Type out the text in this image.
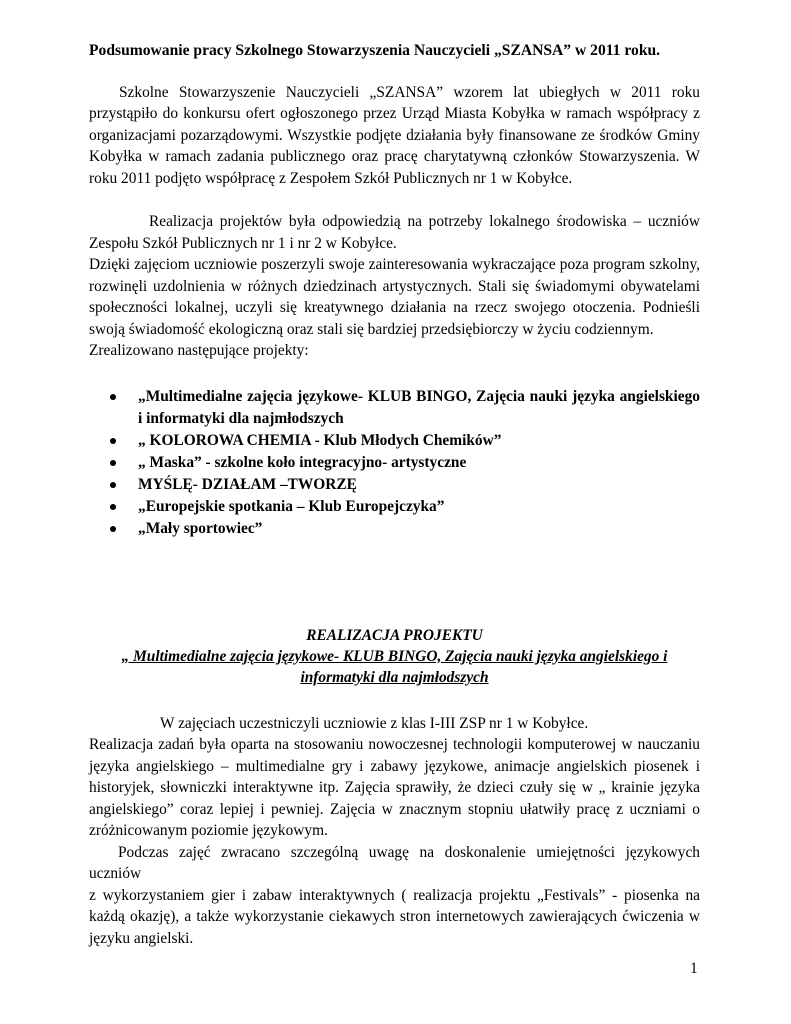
Podsumowanie pracy Szkolnego Stowarzyszenia Nauczycieli „SZANSA” w 2011 roku.

Szkolne Stowarzyszenie Nauczycieli „SZANSA” wzorem lat ubiegłych w 2011 roku przystąpiło do konkursu ofert ogłoszonego przez Urząd Miasta Kobyłka w ramach współpracy z organizacjami pozarządowymi. Wszystkie podjęte działania były finansowane ze środków Gminy Kobyłka w ramach zadania publicznego oraz pracę charytatywną członków Stowarzyszenia. W roku 2011 podjęto współpracę z Zespołem Szkół Publicznych nr 1 w Kobyłce.

Realizacja projektów była odpowiedzią na potrzeby lokalnego środowiska – uczniów Zespołu Szkół Publicznych nr 1 i nr 2 w Kobyłce.

Dzięki zajęciom uczniowie poszerzyli swoje zainteresowania wykraczające poza program szkolny, rozwinęli uzdolnienia w różnych dziedzinach artystycznych. Stali się świadomymi obywatelami społeczności lokalnej, uczyli się kreatywnego działania na rzecz swojego otoczenia. Podnieśli swoją świadomość ekologiczną oraz stali się bardziej przedsiębiorczy w życiu codziennym.

Zrealizowano następujące projekty:

„Multimedialne zajęcia językowe- KLUB BINGO, Zajęcia nauki języka angielskiego i informatyki dla najmłodszych
„ KOLOROWA CHEMIA - Klub Młodych Chemików”
„ Maska” - szkolne koło integracyjno- artystyczne
MYŚLĘ- DZIAŁAM –TWORZĘ
„Europejskie spotkania – Klub Europejczyka”
„Mały sportowiec”

REALIZACJA PROJEKTU

„ Multimedialne zajęcia językowe- KLUB BINGO, Zajęcia nauki języka angielskiego i informatyki dla najmłodszych

W zajęciach uczestniczyli uczniowie z klas I-III ZSP nr 1 w Kobyłce.

Realizacja zadań była oparta na stosowaniu nowoczesnej technologii komputerowej w nauczaniu języka angielskiego – multimedialne gry i zabawy językowe, animacje angielskich piosenek i historyjek, słowniczki interaktywne itp. Zajęcia sprawiły, że dzieci czuły się w „ krainie języka angielskiego” coraz lepiej i pewniej. Zajęcia w znacznym stopniu ułatwiły pracę z uczniami o zróżnicowanym poziomie językowym.

Podczas zajęć zwracano szczególną uwagę na doskonalenie umiejętności językowych uczniów

z wykorzystaniem gier i zabaw interaktywnych ( realizacja projektu „Festivals” - piosenka na każdą okazję), a także wykorzystanie ciekawych stron internetowych zawierających ćwiczenia w języku angielski.

1
